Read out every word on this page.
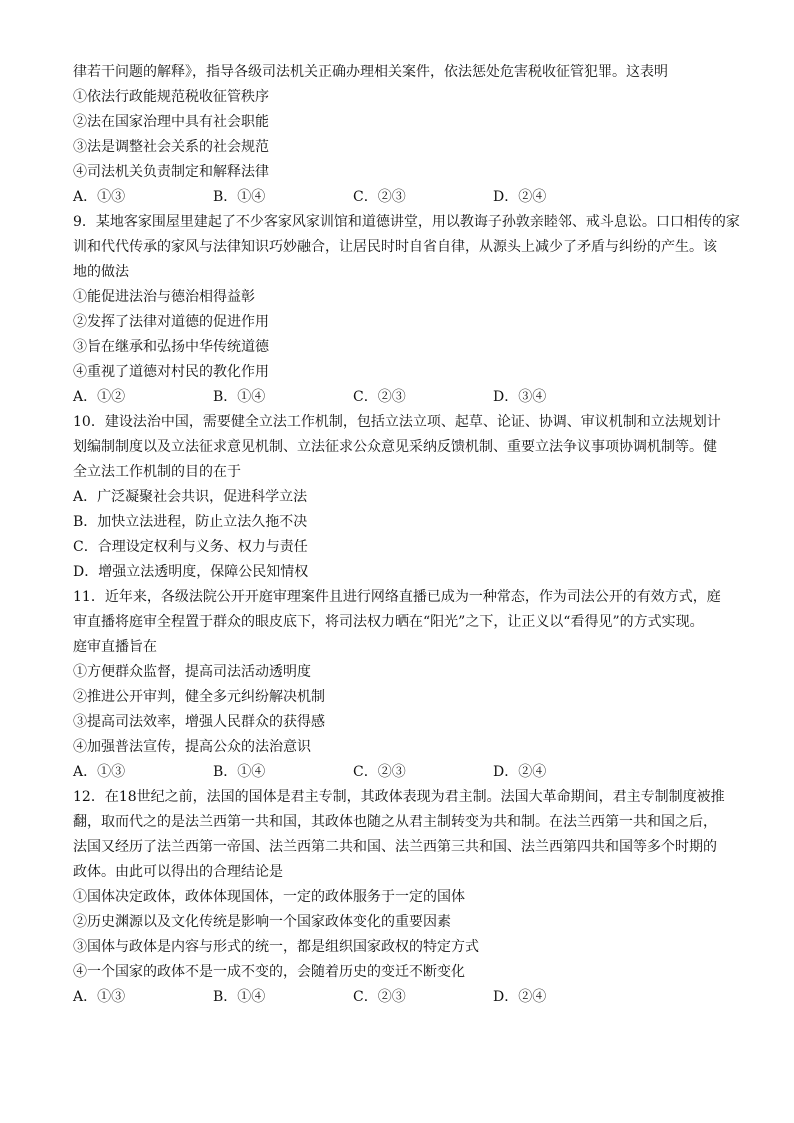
律若干问题的解释》，指导各级司法机关正确办理相关案件，依法惩处危害税收征管犯罪。这表明
①依法行政能规范税收征管秩序
②法在国家治理中具有社会职能
③法是调整社会关系的社会规范
④司法机关负责制定和解释法律
A．①③	B．①④	C．②③	D．②④
9．某地客家围屋里建起了不少客家风家训馆和道德讲堂，用以教诲子孙敦亲睦邻、戒斗息讼。口口相传的家
训和代代传承的家风与法律知识巧妙融合，让居民时时自省自律，从源头上减少了矛盾与纠纷的产生。该
地的做法
①能促进法治与德治相得益彰
②发挥了法律对道德的促进作用
③旨在继承和弘扬中华传统道德
④重视了道德对村民的教化作用
A．①②	B．①④	C．②③	D．③④
10．建设法治中国，需要健全立法工作机制，包括立法立项、起草、论证、协调、审议机制和立法规划计
划编制制度以及立法征求意见机制、立法征求公众意见采纳反馈机制、重要立法争议事项协调机制等。健
全立法工作机制的目的在于
A．广泛凝聚社会共识，促进科学立法
B．加快立法进程，防止立法久拖不决
C．合理设定权利与义务、权力与责任
D．增强立法透明度，保障公民知情权
11．近年来，各级法院公开开庭审理案件且进行网络直播已成为一种常态，作为司法公开的有效方式，庭
审直播将庭审全程置于群众的眼皮底下，将司法权力晒在“阳光”之下，让正义以“看得见”的方式实现。
庭审直播旨在
①方便群众监督，提高司法活动透明度
②推进公开审判，健全多元纠纷解决机制
③提高司法效率，增强人民群众的获得感
④加强普法宣传，提高公众的法治意识
A．①③	B．①④	C．②③	D．②④
12．在18世纪之前，法国的国体是君主专制，其政体表现为君主制。法国大革命期间，君主专制制度被推
翻，取而代之的是法兰西第一共和国，其政体也随之从君主制转变为共和制。在法兰西第一共和国之后，
法国又经历了法兰西第一帝国、法兰西第二共和国、法兰西第三共和国、法兰西第四共和国等多个时期的
政体。由此可以得出的合理结论是
①国体决定政体，政体体现国体，一定的政体服务于一定的国体
②历史渊源以及文化传统是影响一个国家政体变化的重要因素
③国体与政体是内容与形式的统一，都是组织国家政权的特定方式
④一个国家的政体不是一成不变的，会随着历史的变迁不断变化
A．①③	B．①④	C．②③	D．②④
